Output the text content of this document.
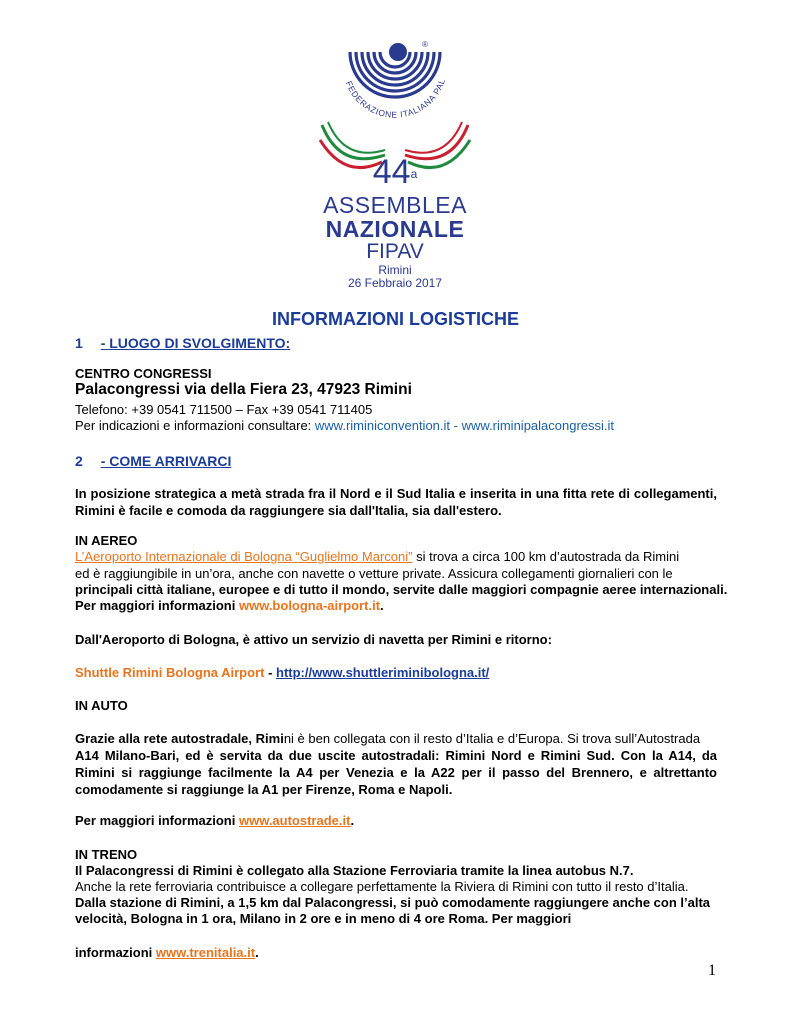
FEDERAZIONE ITALIANA PAL
®
44$^a$
ASSEMBLEA
NAZIONALE
FIPAV
Rimini
26 Febbraio 2017
INFORMAZIONI LOGISTICHE
1 - LUOGO DI SVOLGIMENTO:
CENTRO CONGRESSI
Palacongressi via della Fiera 23, 47923 Rimini
Telefono: +39 0541 711500 – Fax +39 0541 711405
Per indicazioni e informazioni consultare: www.riminiconvention.it - www.riminipalacongressi.it
2 - COME ARRIVARCI
In posizione strategica a metà strada fra il Nord e il Sud Italia e inserita in una fitta rete di collegamenti, Rimini è facile e comoda da raggiungere sia dall'Italia, sia dall'estero.
IN AEREO
L’Aeroporto Internazionale di Bologna “Guglielmo Marconi” si trova a circa 100 km d’autostrada da Rimini
ed è raggiungibile in un’ora, anche con navette o vetture private. Assicura collegamenti giornalieri con le
principali città italiane, europee e di tutto il mondo, servite dalle maggiori compagnie aeree internazionali.
Per maggiori informazioni www.bologna-airport.it.
Dall'Aeroporto di Bologna, è attivo un servizio di navetta per Rimini e ritorno:
Shuttle Rimini Bologna Airport - http://www.shuttleriminibologna.it/
IN AUTO
Grazie alla rete autostradale, Rimini è ben collegata con il resto d’Italia e d’Europa. Si trova sull’Autostrada
A14 Milano-Bari, ed è servita da due uscite autostradali: Rimini Nord e Rimini Sud. Con la A14, da Rimini si raggiunge facilmente la A4 per Venezia e la A22 per il passo del Brennero, e altrettanto comodamente si raggiunge la A1 per Firenze, Roma e Napoli.
Per maggiori informazioni www.autostrade.it.
IN TRENO
Il Palacongressi di Rimini è collegato alla Stazione Ferroviaria tramite la linea autobus N.7.
Anche la rete ferroviaria contribuisce a collegare perfettamente la Riviera di Rimini con tutto il resto d’Italia.
Dalla stazione di Rimini, a 1,5 km dal Palacongressi, si può comodamente raggiungere anche con l’alta
velocità, Bologna in 1 ora, Milano in 2 ore e in meno di 4 ore Roma. Per maggiori
informazioni www.trenitalia.it.
1
